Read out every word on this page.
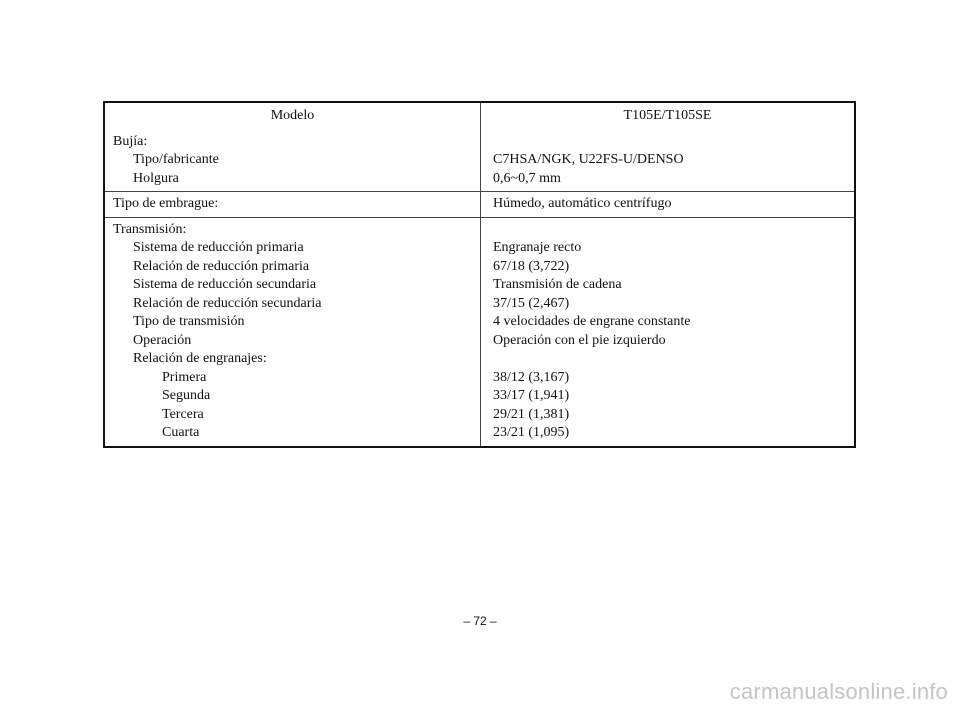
Modelo	T105E/T105SE
Bujía:
Tipo/fabricante
Holgura
C7HSA/NGK, U22FS-U/DENSO
0,6~0,7 mm
Tipo de embrague:	Húmedo, automático centrífugo
Transmisión:
Sistema de reducción primaria
Relación de reducción primaria
Sistema de reducción secundaria
Relación de reducción secundaria
Tipo de transmisión
Operación
Relación de engranajes:
Primera
Segunda
Tercera
Cuarta
Engranaje recto
67/18 (3,722)
Transmisión de cadena
37/15 (2,467)
4 velocidades de engrane constante
Operación con el pie izquierdo
38/12 (3,167)
33/17 (1,941)
29/21 (1,381)
23/21 (1,095)
– 72 –
carmanualsonline.info
